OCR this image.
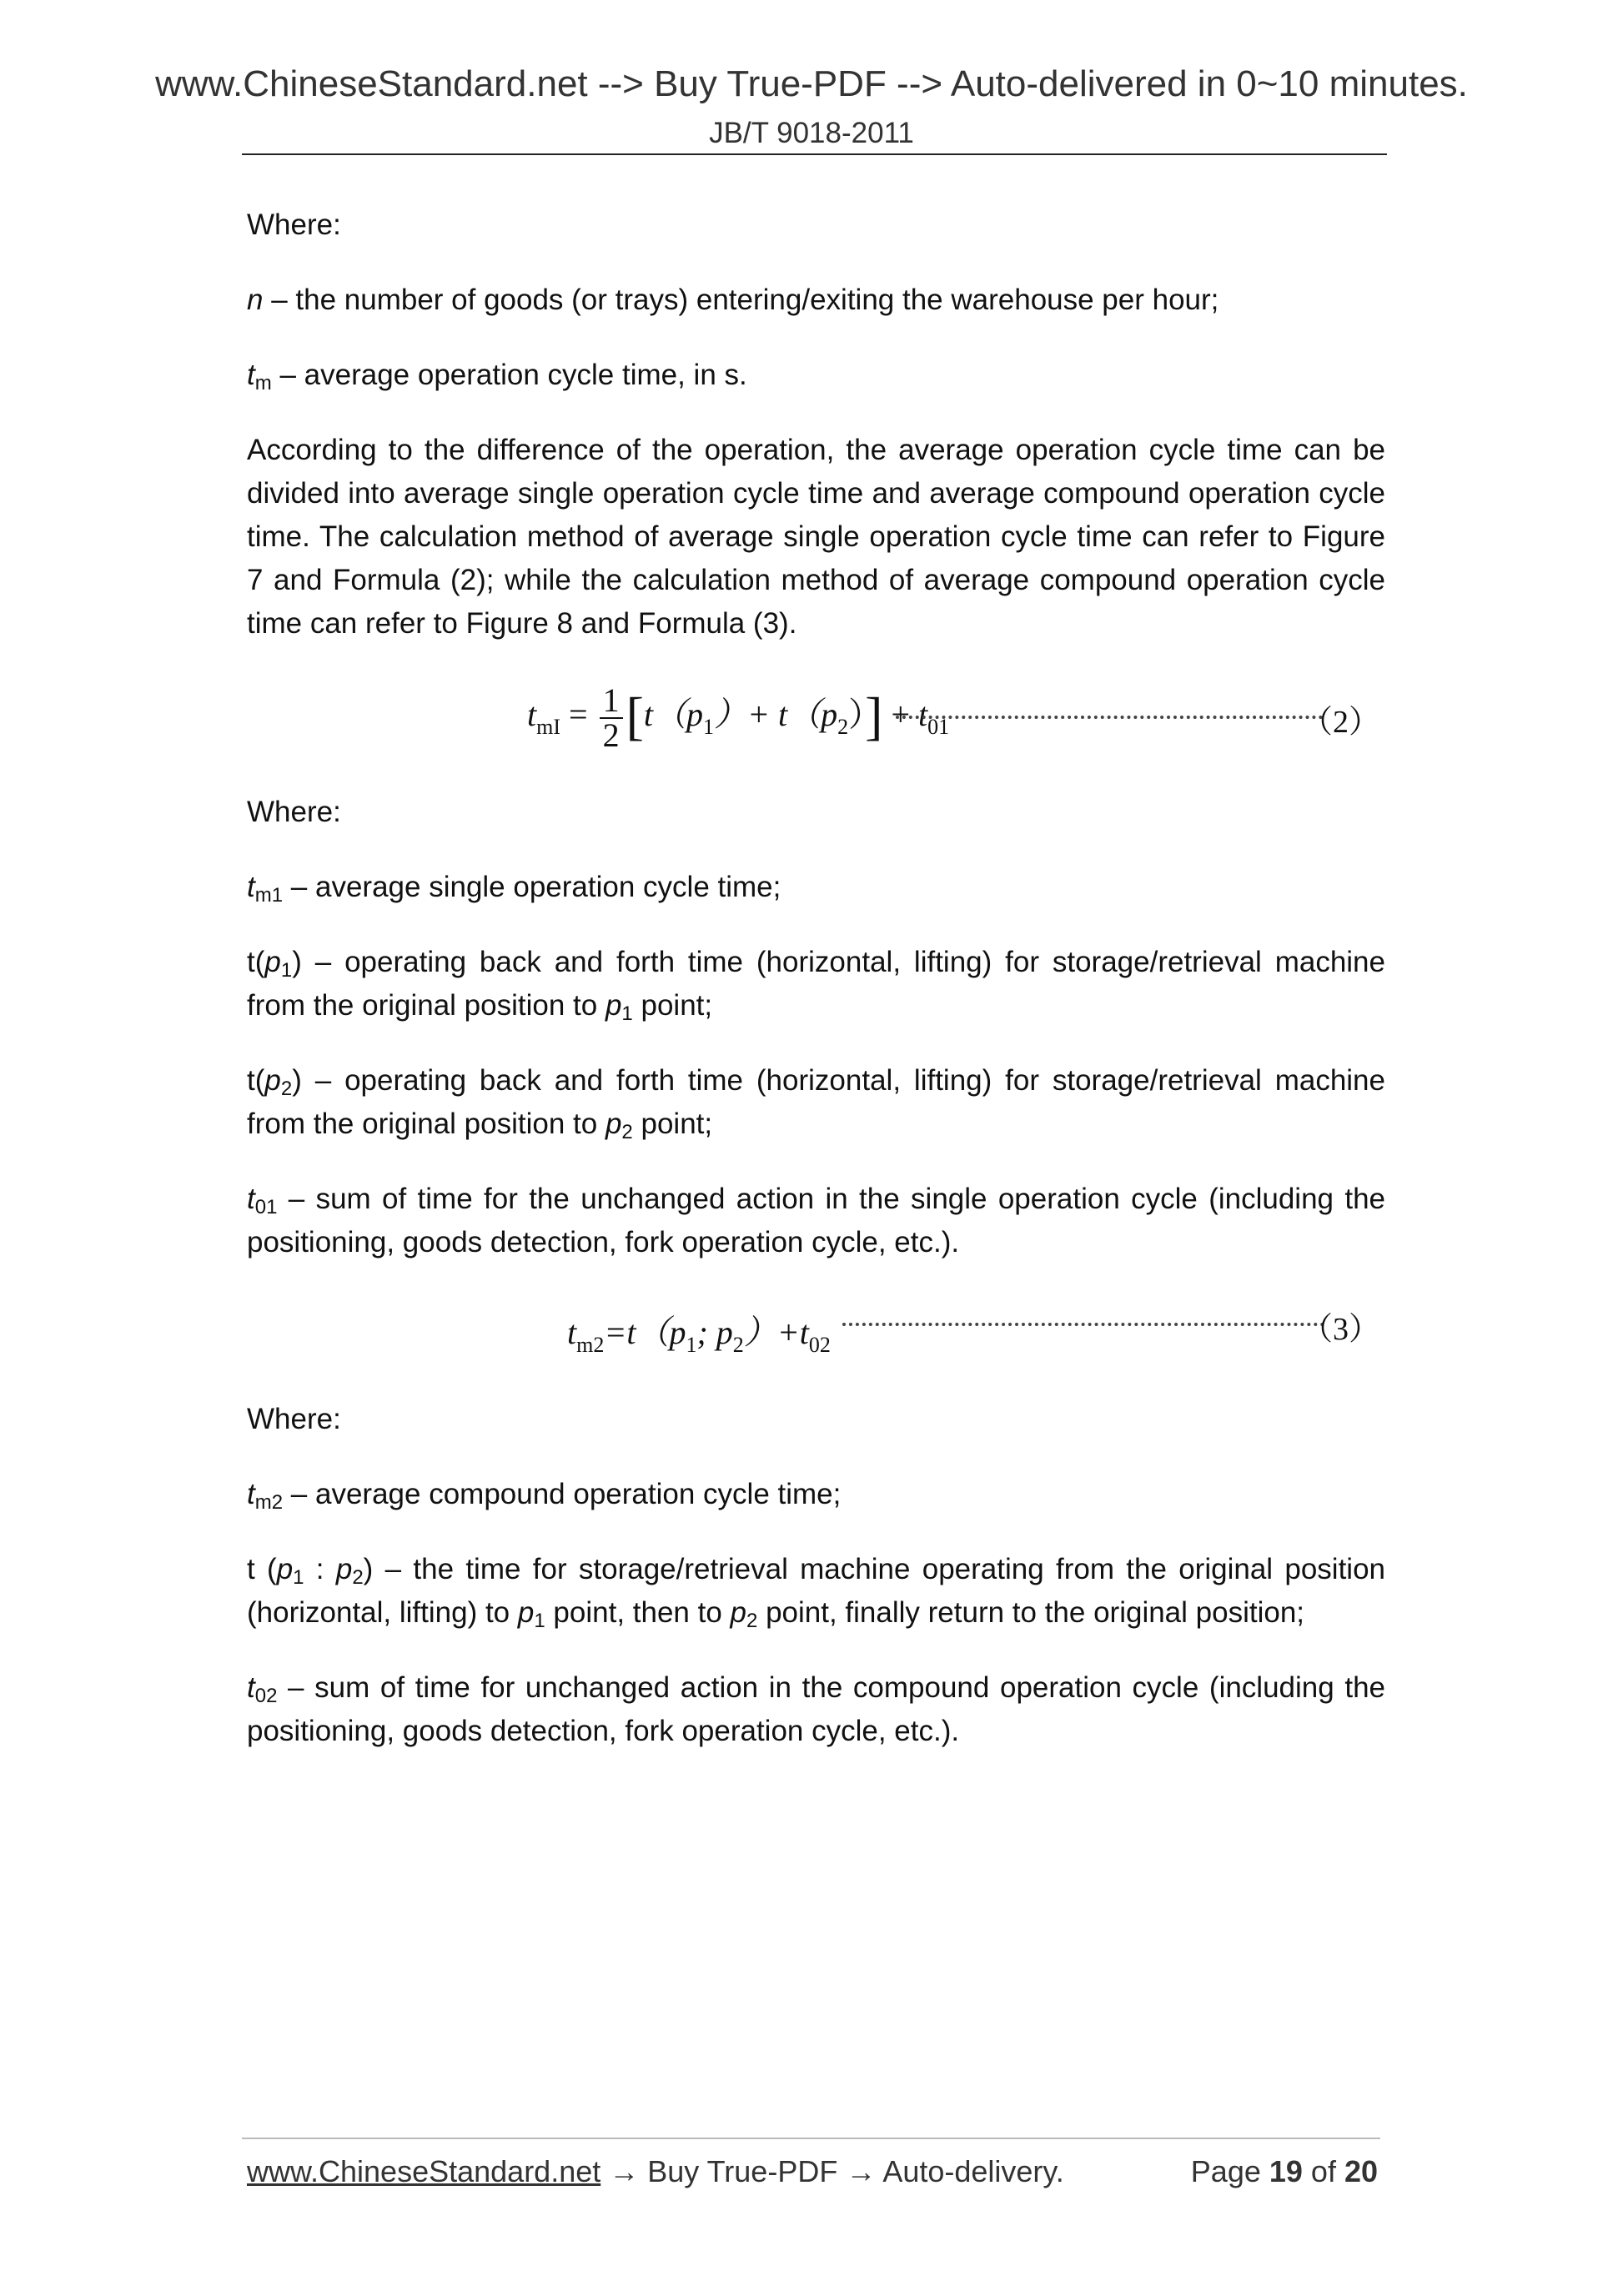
www.ChineseStandard.net --> Buy True-PDF --> Auto-delivered in 0~10 minutes.
JB/T 9018-2011

Where:

n – the number of goods (or trays) entering/exiting the warehouse per hour;

$t_m$ – average operation cycle time, in s.

According to the difference of the operation, the average operation cycle time can be divided into average single operation cycle time and average compound operation cycle time. The calculation method of average single operation cycle time can refer to Figure 7 and Formula (2); while the calculation method of average compound operation cycle time can refer to Figure 8 and Formula (3).

$t_{mI} = \frac{1}{2} [t(p_1)+ t(p_2)] + t_{01}$	（2）

Where:

$t_{m1}$ – average single operation cycle time;

$t(p_1)$ – operating back and forth time (horizontal, lifting) for storage/retrieval machine from the original position to $p_1$ point;

$t(p_2)$ – operating back and forth time (horizontal, lifting) for storage/retrieval machine from the original position to $p_2$ point;

$t_{01}$ – sum of time for the unchanged action in the single operation cycle (including the positioning, goods detection, fork operation cycle, etc.).

$t_{m2}=t(p_1$; $p_2)+t_{02}$	（3）

Where:

$t_{m2}$ – average compound operation cycle time;

t ($p_1$ : $p_2$) – the time for storage/retrieval machine operating from the original position (horizontal, lifting) to $p_1$ point, then to $p_2$ point, finally return to the original position;

$t_{02}$ – sum of time for unchanged action in the compound operation cycle (including the positioning, goods detection, fork operation cycle, etc.).

www.ChineseStandard.net → Buy True-PDF → Auto-delivery.	Page 19 of 20
